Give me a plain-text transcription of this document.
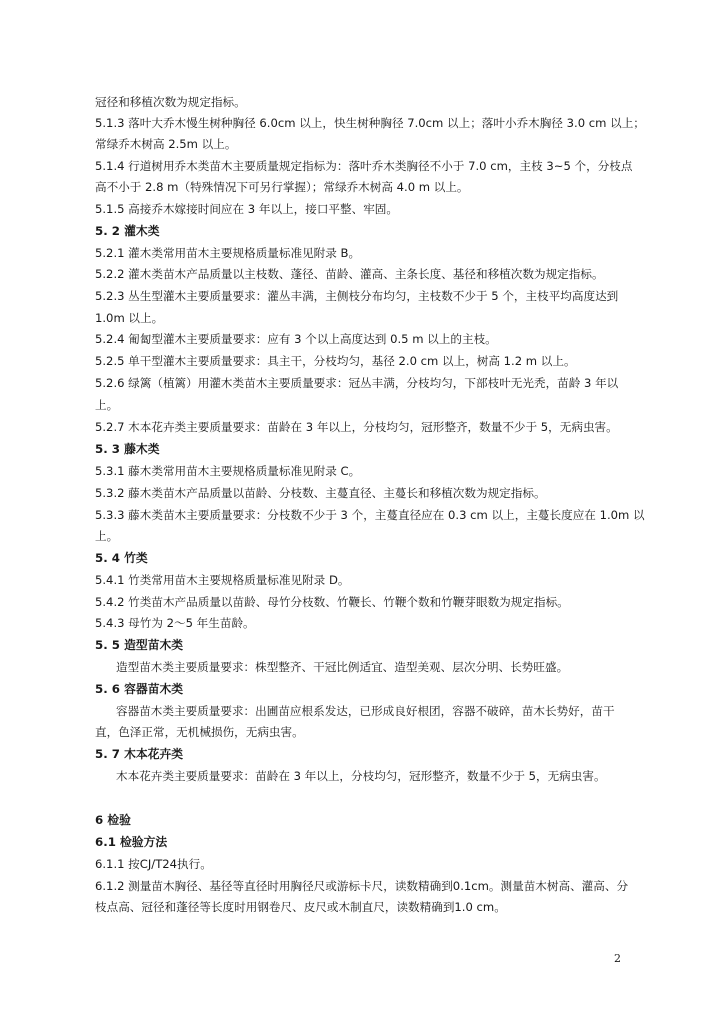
冠径和移植次数为规定指标。
5.1.3 落叶大乔木慢生树种胸径 6.0cm 以上，快生树种胸径 7.0cm 以上；落叶小乔木胸径 3.0 cm 以上；
常绿乔木树高 2.5m 以上。
5.1.4 行道树用乔木类苗木主要质量规定指标为：落叶乔木类胸径不小于 7.0 cm，主枝 3~5 个，分枝点
高不小于 2.8 m（特殊情况下可另行掌握）；常绿乔木树高 4.0 m 以上。
5.1.5 高接乔木嫁接时间应在 3 年以上，接口平整、牢固。
5. 2 灌木类
5.2.1 灌木类常用苗木主要规格质量标准见附录 B。
5.2.2 灌木类苗木产品质量以主枝数、蓬径、苗龄、灌高、主条长度、基径和移植次数为规定指标。
5.2.3 丛生型灌木主要质量要求：灌丛丰满，主侧枝分布均匀，主枝数不少于 5 个，主枝平均高度达到
1.0m 以上。
5.2.4 匍匐型灌木主要质量要求：应有 3 个以上高度达到 0.5 m 以上的主枝。
5.2.5 单干型灌木主要质量要求：具主干，分枝均匀，基径 2.0 cm 以上，树高 1.2 m 以上。
5.2.6 绿篱（植篱）用灌木类苗木主要质量要求：冠丛丰满，分枝均匀，下部枝叶无光秃，苗龄 3 年以
上。
5.2.7 木本花卉类主要质量要求：苗龄在 3 年以上，分枝均匀，冠形整齐，数量不少于 5，无病虫害。
5. 3 藤木类
5.3.1 藤木类常用苗木主要规格质量标准见附录 C。
5.3.2 藤木类苗木产品质量以苗龄、分枝数、主蔓直径、主蔓长和移植次数为规定指标。
5.3.3 藤木类苗木主要质量要求：分枝数不少于 3 个，主蔓直径应在 0.3 cm 以上，主蔓长度应在 1.0m 以
上。
5. 4 竹类
5.4.1 竹类常用苗木主要规格质量标准见附录 D。
5.4.2 竹类苗木产品质量以苗龄、母竹分枝数、竹鞭长、竹鞭个数和竹鞭芽眼数为规定指标。
5.4.3 母竹为 2～5 年生苗龄。
5. 5 造型苗木类
造型苗木类主要质量要求：株型整齐、干冠比例适宜、造型美观、层次分明、长势旺盛。
5. 6 容器苗木类
容器苗木类主要质量要求：出圃苗应根系发达，已形成良好根团，容器不破碎，苗木长势好，苗干
直，色泽正常，无机械损伤，无病虫害。
5. 7 木本花卉类
木本花卉类主要质量要求：苗龄在 3 年以上，分枝均匀，冠形整齐，数量不少于 5，无病虫害。
6 检验
6.1 检验方法
6.1.1 按CJ/T24执行。
6.1.2 测量苗木胸径、基径等直径时用胸径尺或游标卡尺，读数精确到0.1cm。测量苗木树高、灌高、分
枝点高、冠径和蓬径等长度时用钢卷尺、皮尺或木制直尺，读数精确到1.0 cm。
2
